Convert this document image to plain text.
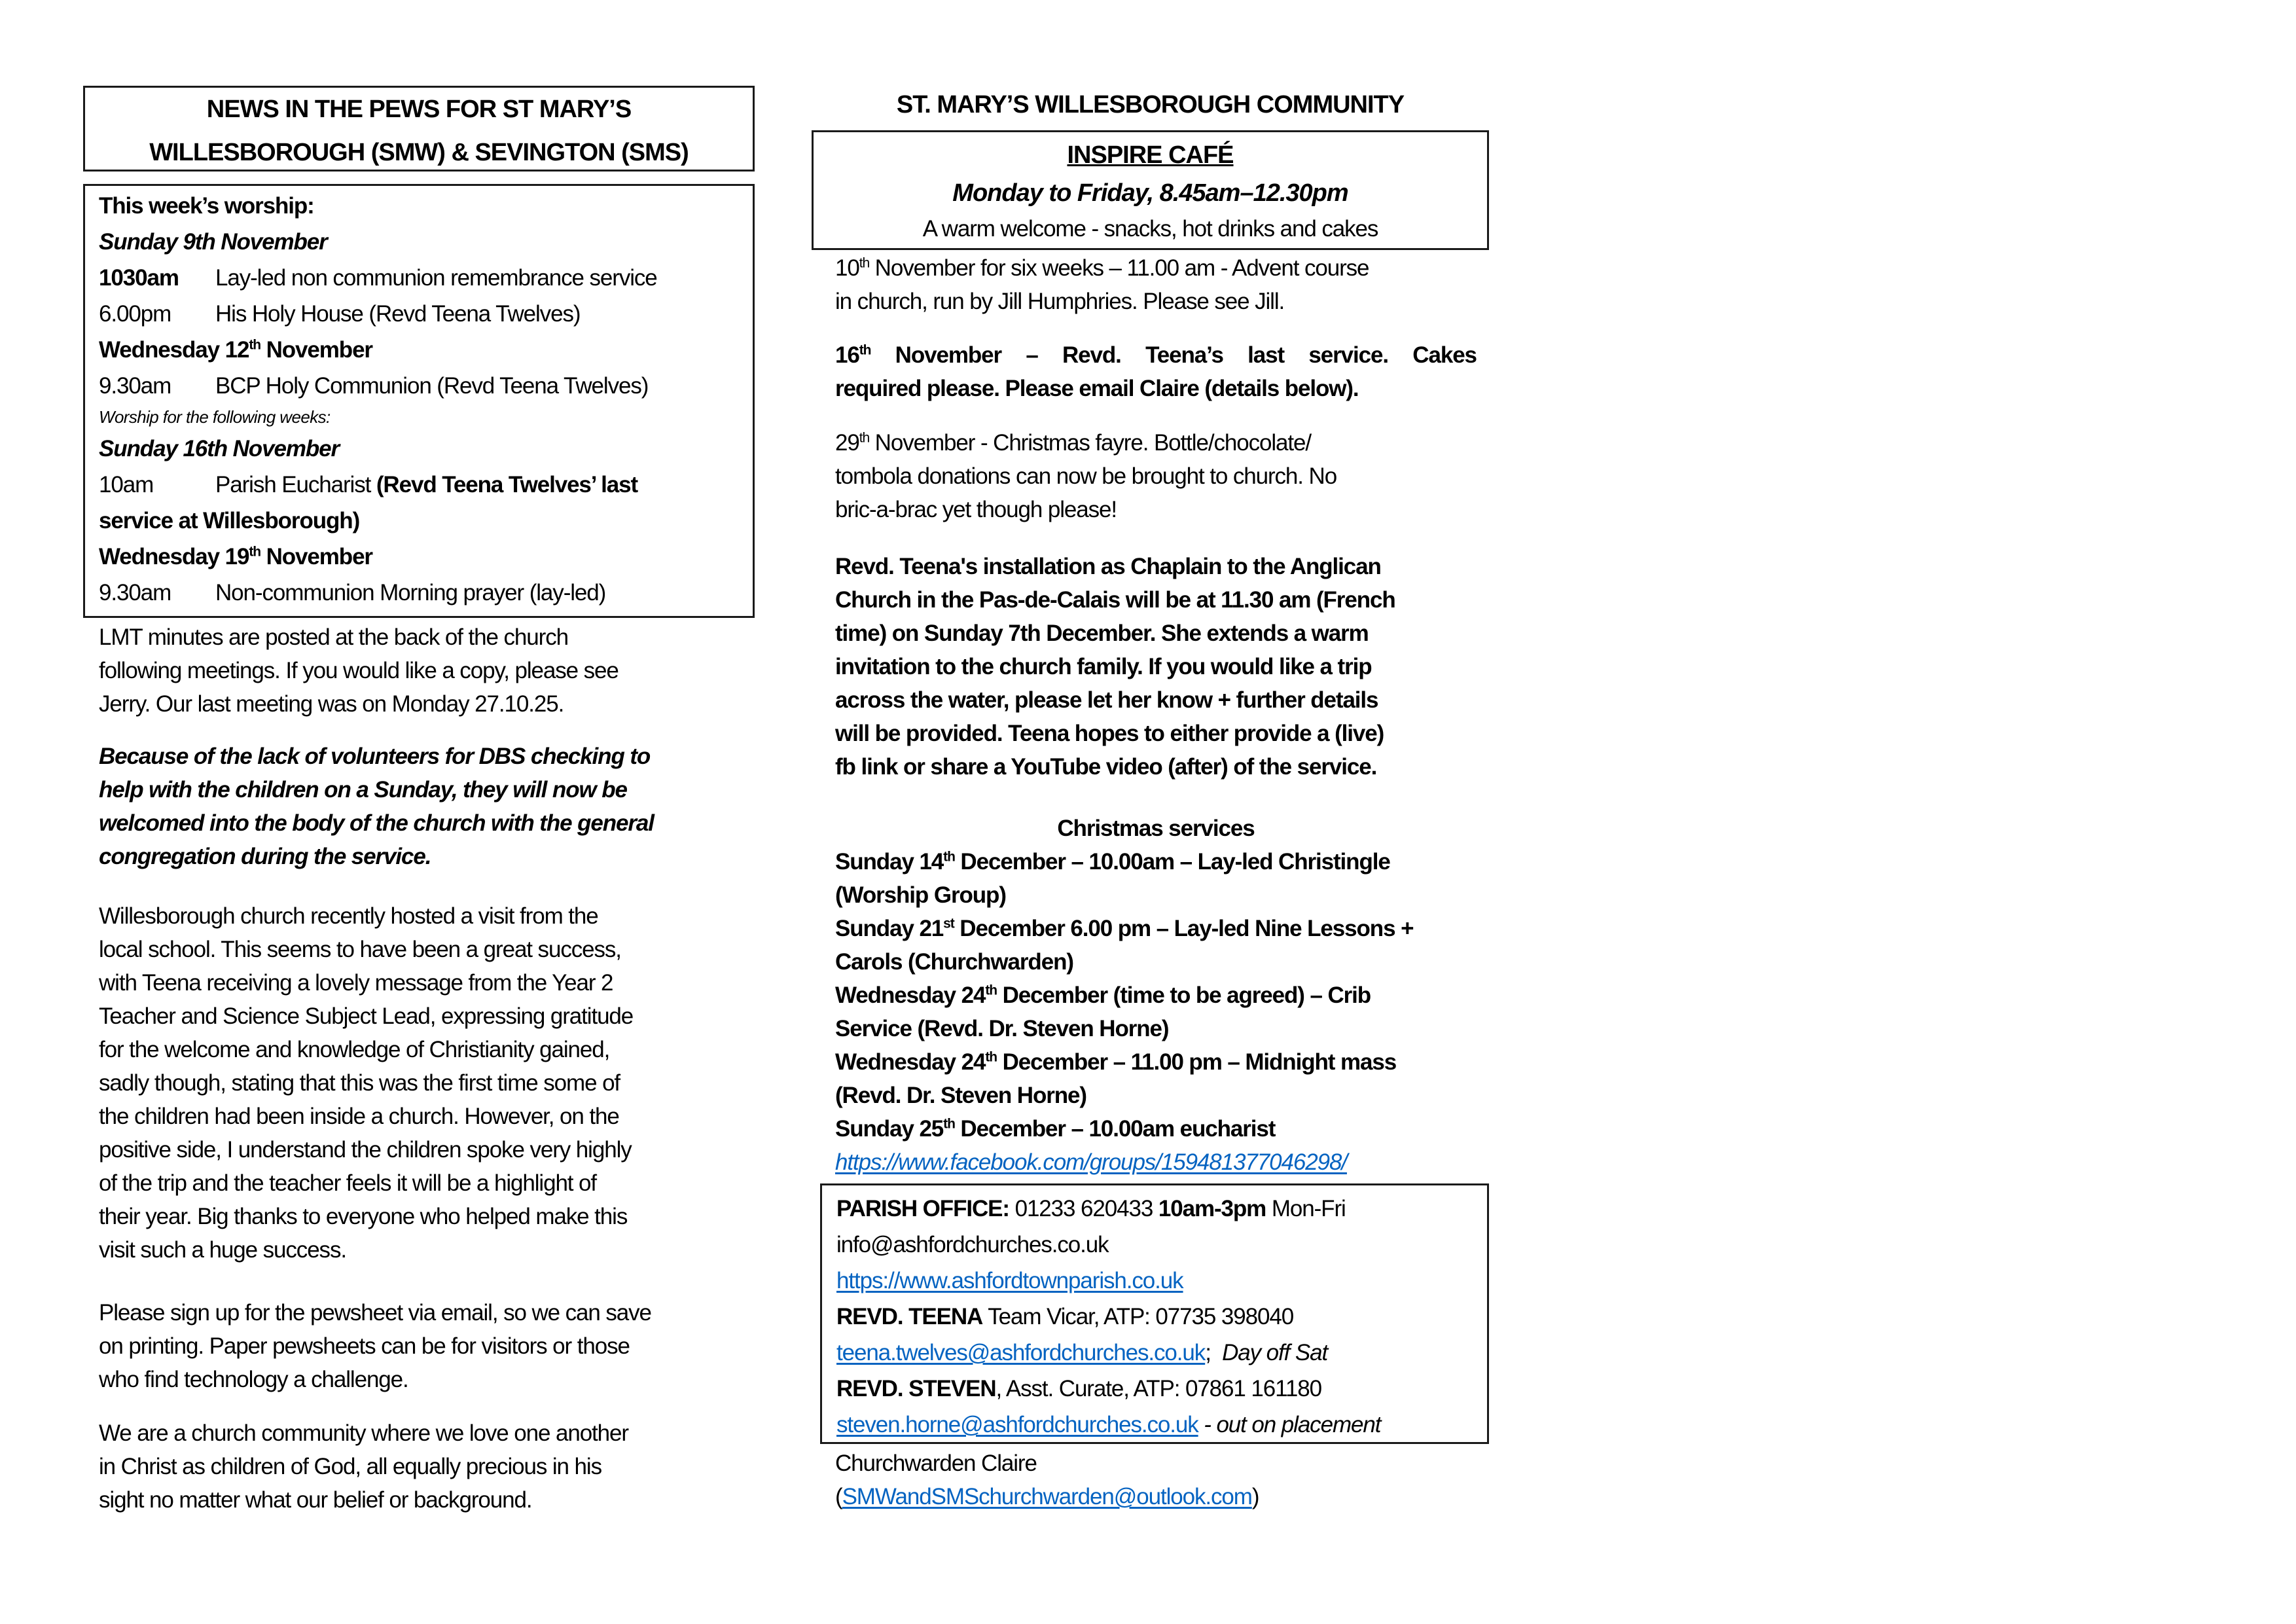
NEWS IN THE PEWS FOR ST MARY’S
WILLESBOROUGH (SMW) & SEVINGTON (SMS)
This week’s worship:
Sunday 9th November
1030am Lay-led non communion remembrance service
6.00pm His Holy House (Revd Teena Twelves)
Wednesday 12th November
9.30am BCP Holy Communion (Revd Teena Twelves)
Worship for the following weeks:
Sunday 16th November
10am	Parish Eucharist (Revd Teena Twelves’ last
service at Willesborough)
Wednesday 19th November
9.30am Non-communion Morning prayer (lay-led)
LMT minutes are posted at the back of the church
following meetings. If you would like a copy, please see
Jerry. Our last meeting was on Monday 27.10.25.
Because of the lack of volunteers for DBS checking to
help with the children on a Sunday, they will now be
welcomed into the body of the church with the general
congregation during the service.
Willesborough church recently hosted a visit from the
local school. This seems to have been a great success,
with Teena receiving a lovely message from the Year 2
Teacher and Science Subject Lead, expressing gratitude
for the welcome and knowledge of Christianity gained,
sadly though, stating that this was the first time some of
the children had been inside a church. However, on the
positive side, I understand the children spoke very highly
of the trip and the teacher feels it will be a highlight of
their year. Big thanks to everyone who helped make this
visit such a huge success.
Please sign up for the pewsheet via email, so we can save
on printing. Paper pewsheets can be for visitors or those
who find technology a challenge.
We are a church community where we love one another
in Christ as children of God, all equally precious in his
sight no matter what our belief or background.
ST. MARY’S WILLESBOROUGH COMMUNITY
INSPIRE CAFÉ
Monday to Friday, 8.45am–12.30pm
A warm welcome - snacks, hot drinks and cakes
10th November for six weeks – 11.00 am - Advent course
in church, run by Jill Humphries. Please see Jill.
16th November – Revd. Teena’s last service. Cakes
required please. Please email Claire (details below).
29th November - Christmas fayre. Bottle/chocolate/
tombola donations can now be brought to church. No
bric-a-brac yet though please!
Revd. Teena's installation as Chaplain to the Anglican
Church in the Pas-de-Calais will be at 11.30 am (French
time) on Sunday 7th December. She extends a warm
invitation to the church family. If you would like a trip
across the water, please let her know + further details
will be provided. Teena hopes to either provide a (live)
fb link or share a YouTube video (after) of the service.
Christmas services
Sunday 14th December – 10.00am – Lay-led Christingle
(Worship Group)
Sunday 21st December 6.00 pm – Lay-led Nine Lessons +
Carols (Churchwarden)
Wednesday 24th December (time to be agreed) – Crib
Service (Revd. Dr. Steven Horne)
Wednesday 24th December – 11.00 pm – Midnight mass
(Revd. Dr. Steven Horne)
Sunday 25th December – 10.00am eucharist
https://www.facebook.com/groups/159481377046298/
PARISH OFFICE: 01233 620433 10am-3pm Mon-Fri
info@ashfordchurches.co.uk
https://www.ashfordtownparish.co.uk
REVD. TEENA Team Vicar, ATP: 07735 398040
teena.twelves@ashfordchurches.co.uk;  Day off Sat
REVD. STEVEN, Asst. Curate, ATP: 07861 161180
steven.horne@ashfordchurches.co.uk - out on placement
Churchwarden Claire
(SMWandSMSchurchwarden@outlook.com)
